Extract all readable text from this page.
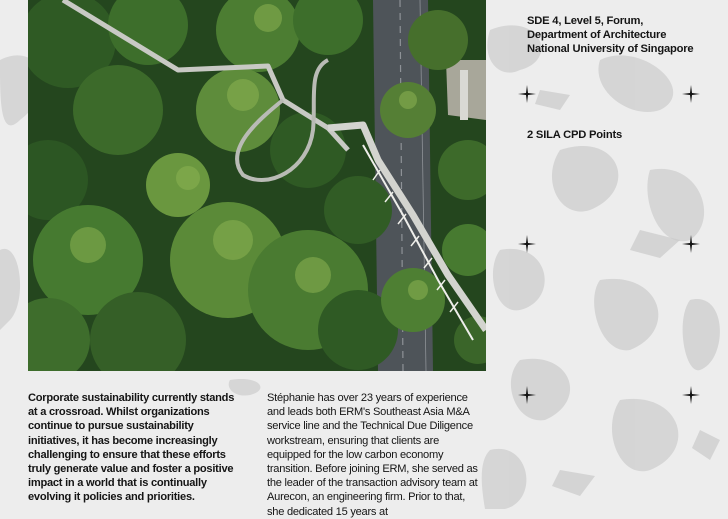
SDE 4, Level 5, Forum,
Department of Architecture
National University of Singapore
2 SILA CPD Points
Corporate sustainability currently stands at a crossroad. Whilst organizations continue to pursue sustainability initiatives, it has become increasingly challenging to ensure that these efforts truly generate value and foster a positive impact in a world that is continually evolving it policies and priorities.
Stéphanie has over 23 years of experience and leads both ERM's Southeast Asia M&A service line and the Technical Due Diligence workstream, ensuring that clients are equipped for the low carbon economy transition. Before joining ERM, she served as the leader of the transaction advisory team at Aurecon, an engineering firm. Prior to that, she dedicated 15 years at
